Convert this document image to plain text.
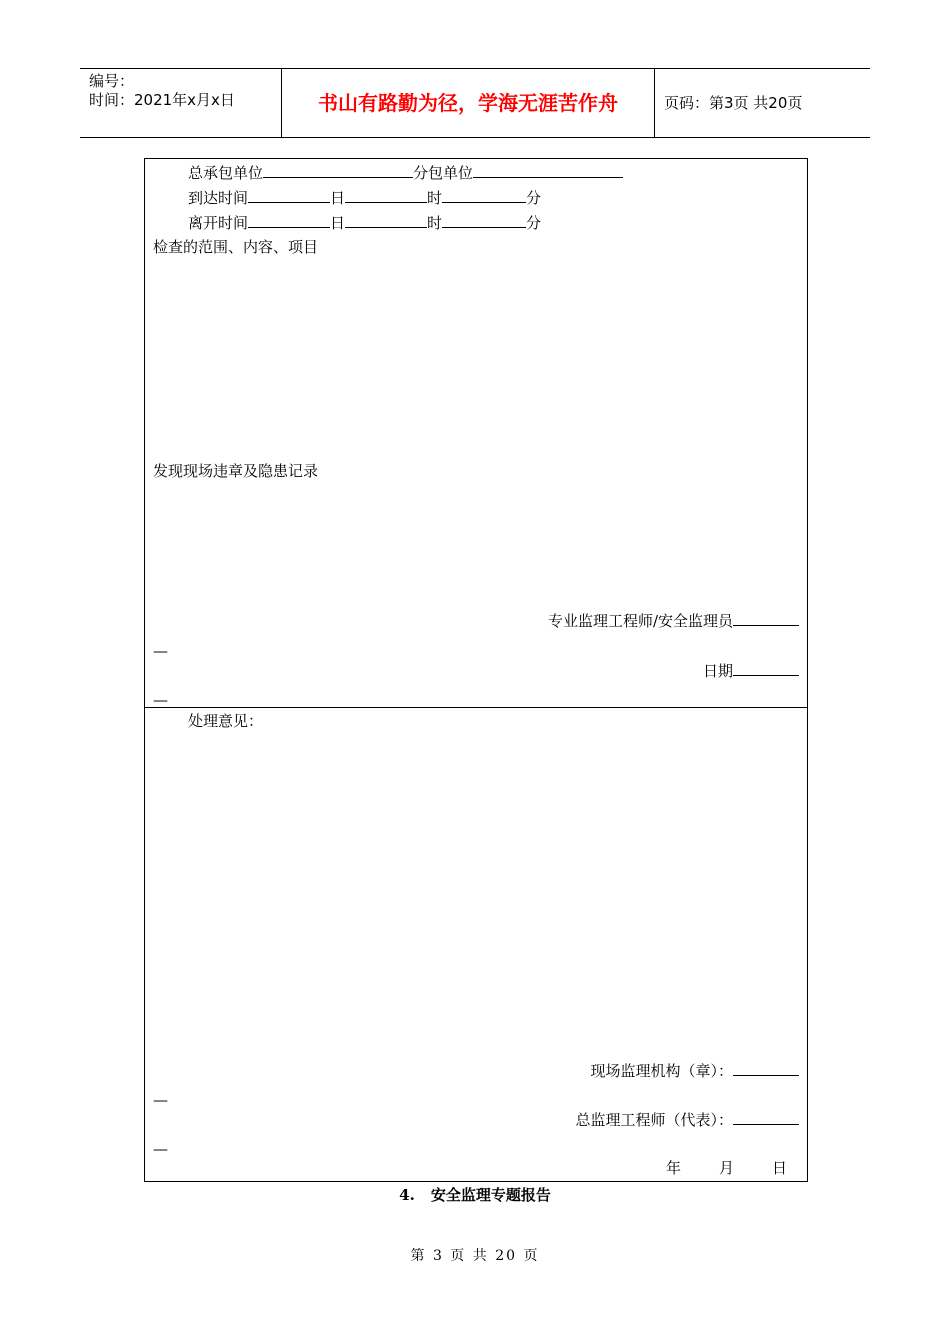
编号：
时间：2021年x月x日	书山有路勤为径，学海无涯苦作舟	页码：第3页 共20页
总承包单位	分包单位
到达时间	日	时	分
离开时间	日	时	分
检查的范围、内容、项目
发现现场违章及隐患记录
专业监理工程师/安全监理员
—
日期
—
处理意见：
现场监理机构（章）：
—
总监理工程师（代表）：
—
年	月	日
4. 安全监理专题报告
第 3 页 共 20 页
